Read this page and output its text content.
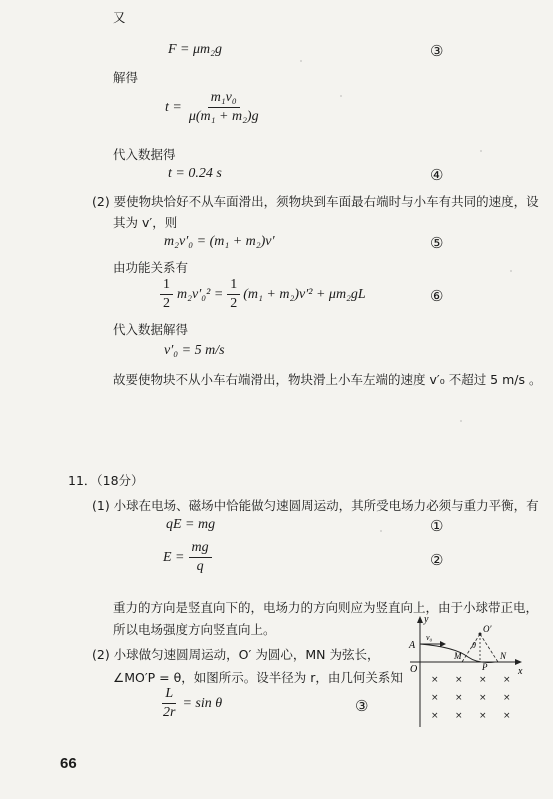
又
F = μm₂g	③
解得
$t = \frac{\text{m₁v₀}}{\text{μ(m₁ + m₂)g}}$
代入数据得
t = 0.24 s	④
(2) 要使物块恰好不从车面滑出，须物块到车面最右端时与小车有共同的速度，设
其为 v′，则
m₂v′₀ = (m₁ + m₂)v′	⑤
由功能关系有
$\frac{1}{2} m_2v'_0^2 = \frac{1}{2} (m_1 + m_2)v'^2 + \mu m_2gL$	⑥
代入数据解得
v′₀ = 5 m/s
故要使物块不从小车右端滑出，物块滑上小车左端的速度 v′₀ 不超过 5 m/s 。
11．（18分）
(1) 小球在电场、磁场中恰能做匀速圆周运动，其所受电场力必须与重力平衡，有
qE = mg	①
$E = \frac{mg}{q}$	②
重力的方向是竖直向下的，电场力的方向则应为竖直向上，由于小球带正电，
所以电场强度方向竖直向上。
(2) 小球做匀速圆周运动，O′ 为圆心，MN 为弦长，
∠MO′P = θ，如图所示。设半径为 r，由几何关系知
$\frac{L}{2r} = \sin \theta$	③
× × × ×
× × × ×
× × × ×
y
x
O
A
M	N
P
O′
v₀
θ
66
